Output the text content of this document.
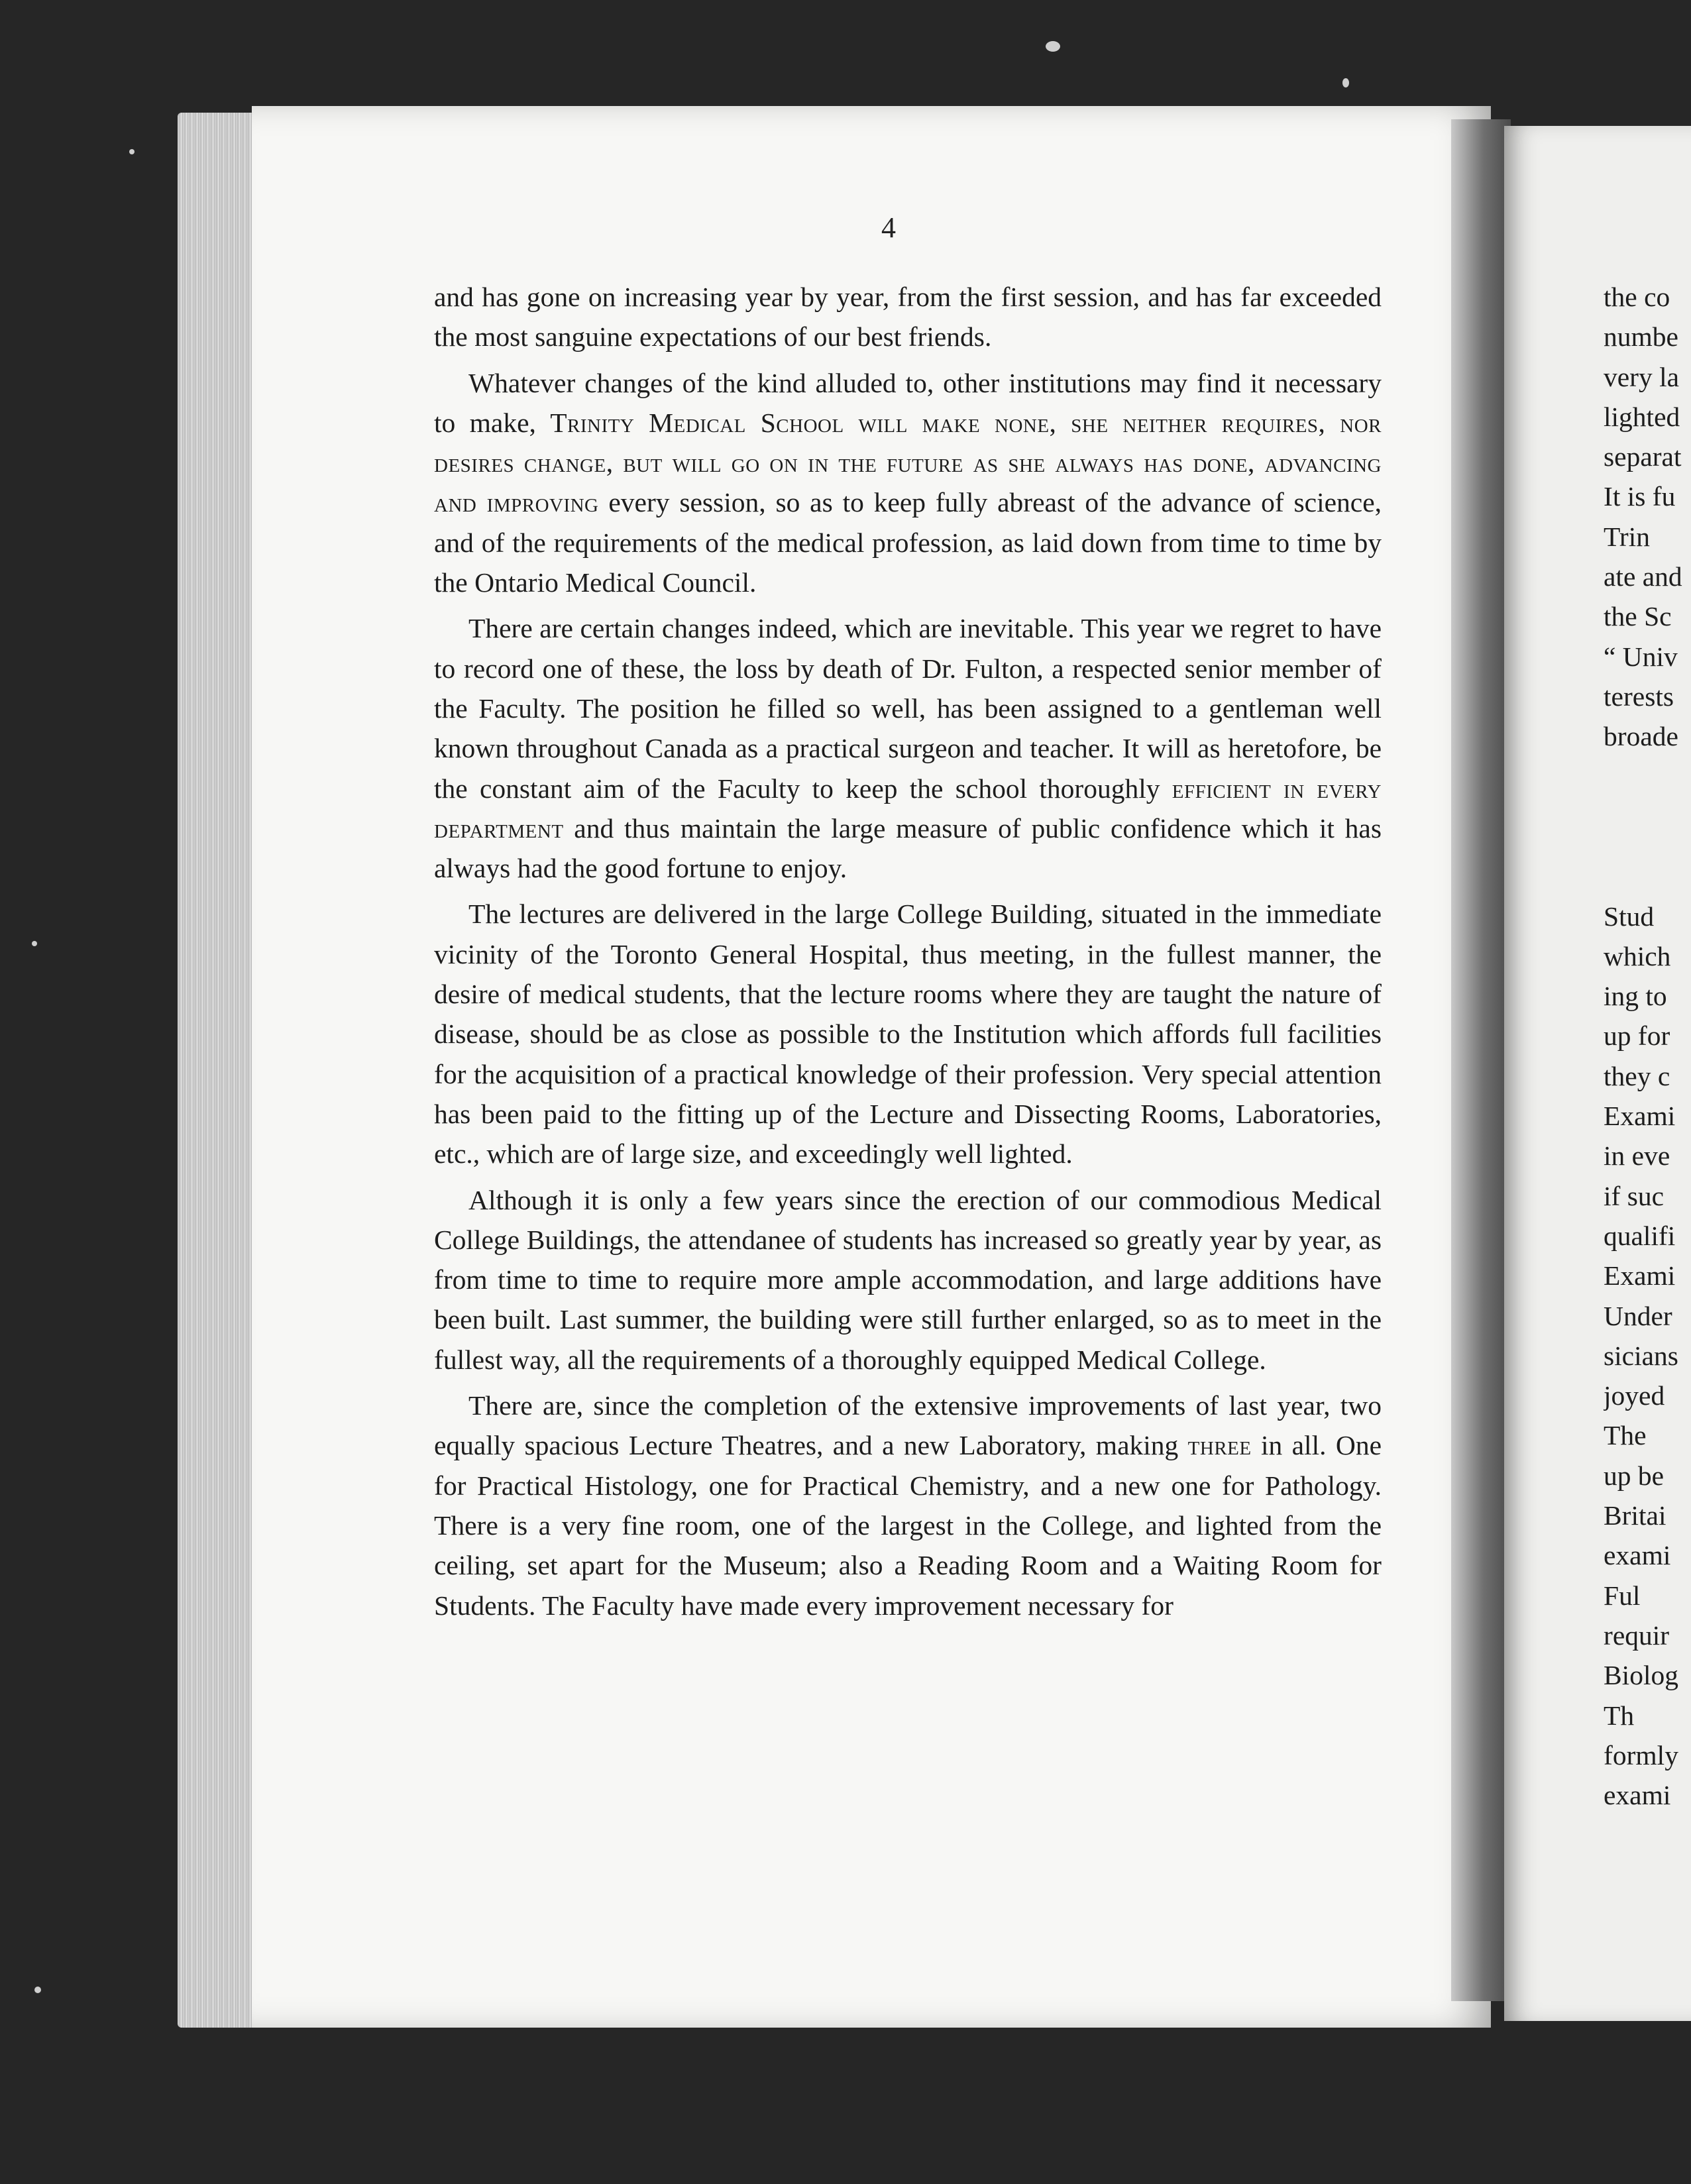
4

and has gone on increasing year by year, from the first session, and has far exceeded the most sanguine expectations of our best friends.

Whatever changes of the kind alluded to, other institutions may find it necessary to make, Trinity Medical School will make none, she neither requires, nor desires change, but will go on in the future as she always has done, advancing and improving every session, so as to keep fully abreast of the advance of science, and of the requirements of the medical profession, as laid down from time to time by the Ontario Medical Council.

There are certain changes indeed, which are inevitable. This year we regret to have to record one of these, the loss by death of Dr. Fulton, a respected senior member of the Faculty. The position he filled so well, has been assigned to a gentleman well known throughout Canada as a practical surgeon and teacher. It will as heretofore, be the constant aim of the Faculty to keep the school thoroughly efficient in every department and thus maintain the large measure of public confidence which it has always had the good fortune to enjoy.

The lectures are delivered in the large College Building, situated in the immediate vicinity of the Toronto General Hospital, thus meeting, in the fullest manner, the desire of medical students, that the lecture rooms where they are taught the nature of disease, should be as close as possible to the Institution which affords full facilities for the acquisition of a practical knowledge of their profession. Very special attention has been paid to the fitting up of the Lecture and Dissecting Rooms, Laboratories, etc., which are of large size, and exceedingly well lighted.

Although it is only a few years since the erection of our commodious Medical College Buildings, the attendanee of students has increased so greatly year by year, as from time to time to require more ample accommodation, and large additions have been built. Last summer, the building were still further enlarged, so as to meet in the fullest way, all the requirements of a thoroughly equipped Medical College.

There are, since the completion of the extensive improvements of last year, two equally spacious Lecture Theatres, and a new Laboratory, making three in all. One for Practical Histology, one for Practical Chemistry, and a new one for Pathology. There is a very fine room, one of the largest in the College, and lighted from the ceiling, set apart for the Museum; also a Reading Room and a Waiting Room for Students. The Faculty have made every improvement necessary for

the co
numbe
very la
lighted
separat
It is fu
Trin
ate and
the Sc
“ Univ
terests
broade
Stud
which
ing to
up for
they c
Exami
in eve
if suc
qualifi
Exami
Under
sicians
joyed
The
up be
Britai
exami
Ful
requir
Biolog
Th
formly
exami
